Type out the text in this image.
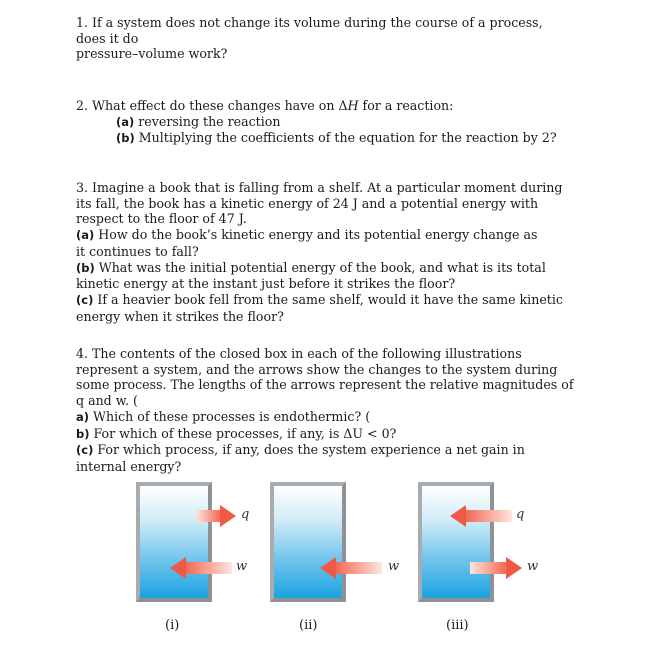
1. If a system does not change its volume during the course of a process,

does it do

pressure–volume work?

2. What effect do these changes have on ΔH for a reaction:

(a) reversing the reaction

(b) Multiplying the coefficients of the equation for the reaction by 2?

3. Imagine a book that is falling from a shelf. At a particular moment during

its fall, the book has a kinetic energy of 24 J and a potential energy with

respect to the floor of 47 J.

(a) How do the book’s kinetic energy and its potential energy change as

it continues to fall?

(b) What was the initial potential energy of the book, and what is its total

kinetic energy at the instant just before it strikes the floor?

(c) If a heavier book fell from the same shelf, would it have the same kinetic

energy when it strikes the floor?

4. The contents of the closed box in each of the following illustrations

represent a system, and the arrows show the changes to the system during

some process. The lengths of the arrows represent the relative magnitudes of

q and w. (

a) Which of these processes is endothermic? (

b) For which of these processes, if any, is ΔU < 0?

(c) For which process, if any, does the system experience a net gain in

internal energy?

q
w
(i)
w
(ii)
q
w
(iii)
